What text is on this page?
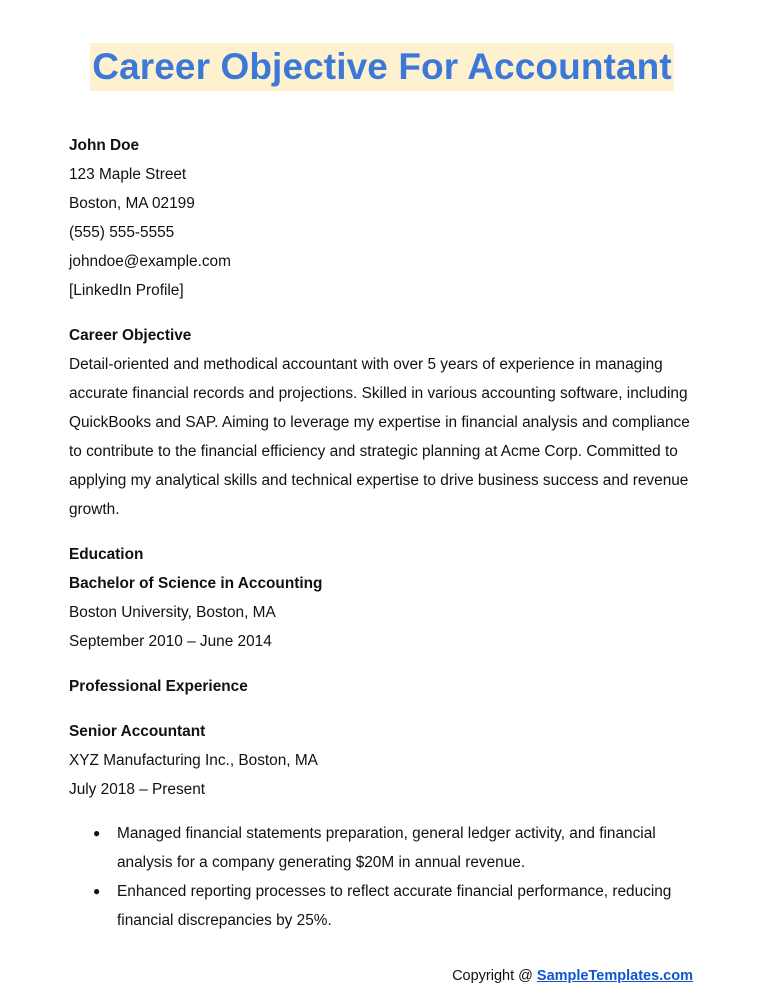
Career Objective For Accountant
John Doe
123 Maple Street
Boston, MA 02199
(555) 555-5555
johndoe@example.com
[LinkedIn Profile]
Career Objective
Detail-oriented and methodical accountant with over 5 years of experience in managing accurate financial records and projections. Skilled in various accounting software, including QuickBooks and SAP. Aiming to leverage my expertise in financial analysis and compliance to contribute to the financial efficiency and strategic planning at Acme Corp. Committed to applying my analytical skills and technical expertise to drive business success and revenue growth.
Education
Bachelor of Science in Accounting
Boston University, Boston, MA
September 2010 – June 2014
Professional Experience
Senior Accountant
XYZ Manufacturing Inc., Boston, MA
July 2018 – Present
● Managed financial statements preparation, general ledger activity, and financial analysis for a company generating $20M in annual revenue.
● Enhanced reporting processes to reflect accurate financial performance, reducing financial discrepancies by 25%.
Copyright @ SampleTemplates.com
